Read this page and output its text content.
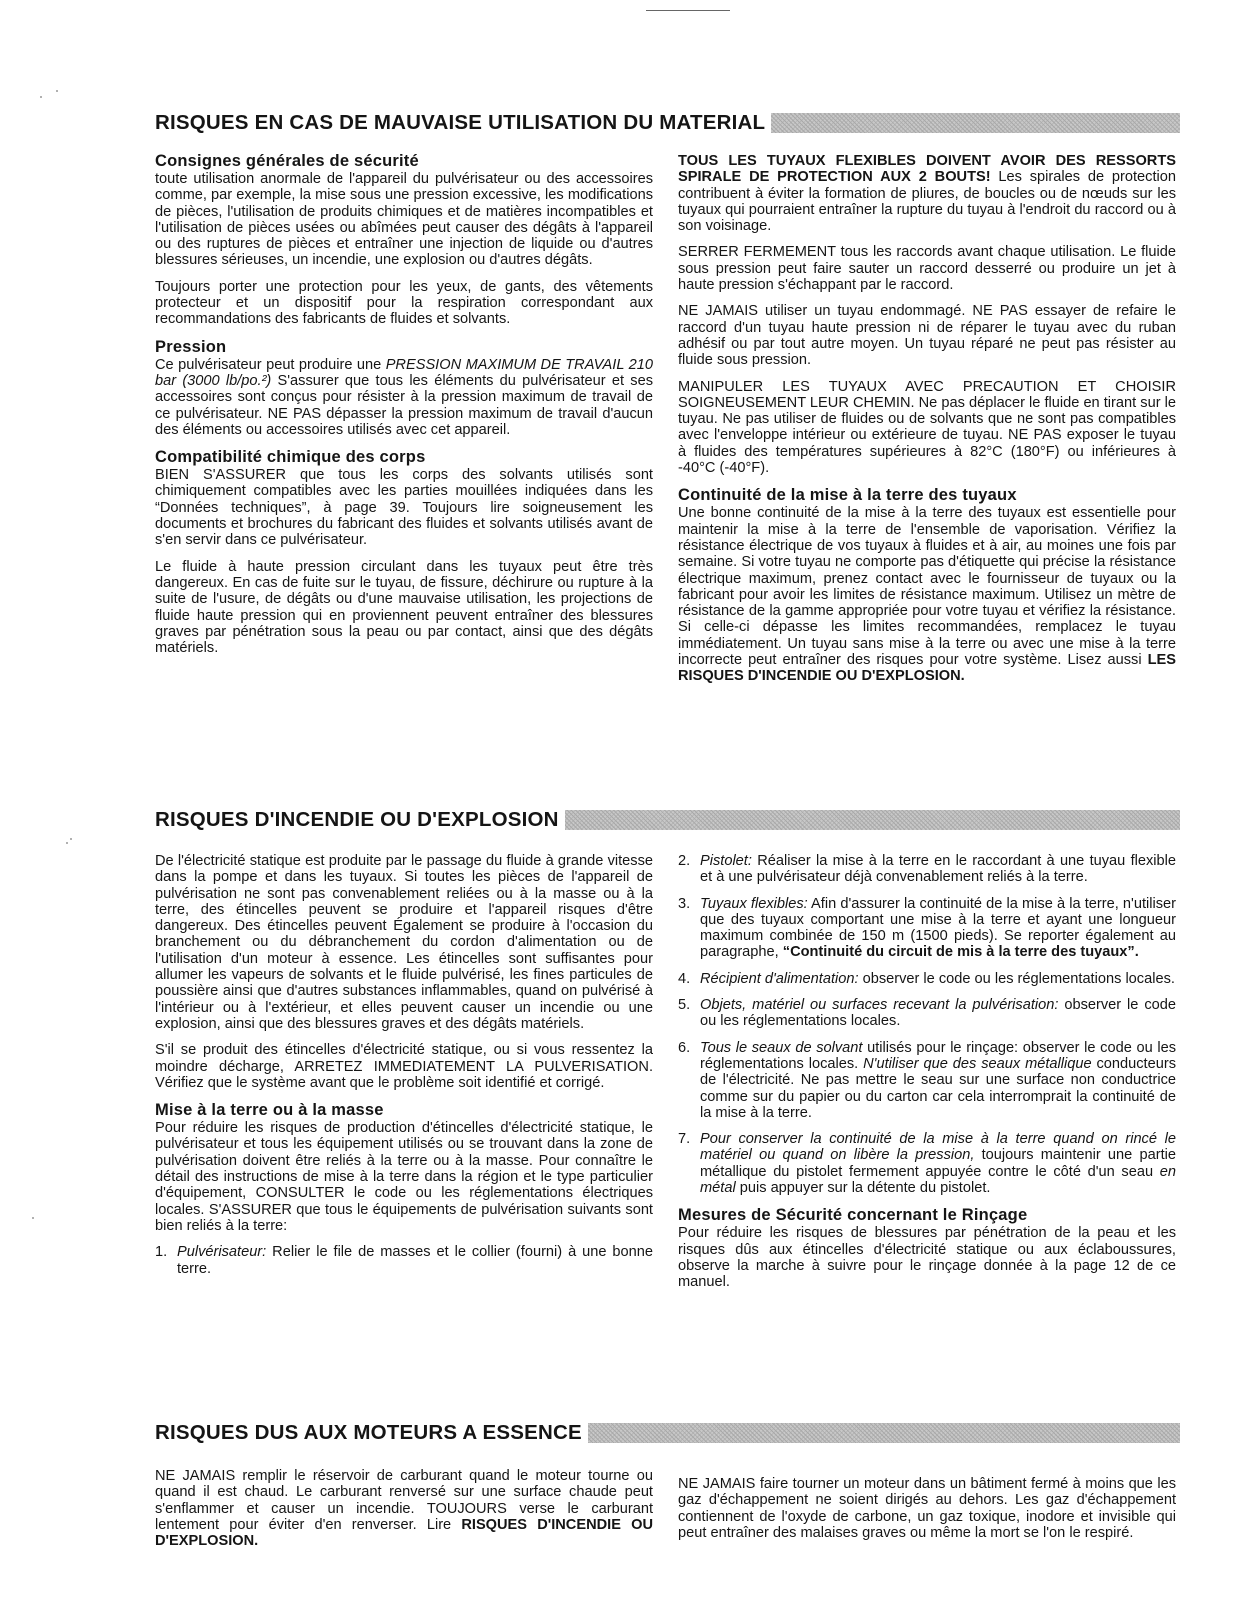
RISQUES EN CAS DE MAUVAISE UTILISATION DU MATERIAL
Consignes générales de sécurité

toute utilisation anormale de l'appareil du pulvérisateur ou des accessoires comme, par exemple, la mise sous une pression excessive, les modifications de pièces, l'utilisation de produits chimiques et de matières incompatibles et l'utilisation de pièces usées ou abîmées peut causer des dégâts à l'appareil ou des ruptures de pièces et entraîner une injection de liquide ou d'autres blessures sérieuses, un incendie, une explosion ou d'autres dégâts.

Toujours porter une protection pour les yeux, de gants, des vêtements protecteur et un dispositif pour la respiration correspondant aux recommandations des fabricants de fluides et solvants.

Pression

Ce pulvérisateur peut produire une PRESSION MAXIMUM DE TRAVAIL 210 bar (3000 lb/po.²) S'assurer que tous les éléments du pulvérisateur et ses accessoires sont conçus pour résister à la pression maximum de travail de ce pulvérisateur. NE PAS dépasser la pression maximum de travail d'aucun des éléments ou accessoires utilisés avec cet appareil.

Compatibilité chimique des corps

BIEN S'ASSURER que tous les corps des solvants utilisés sont chimiquement compatibles avec les parties mouillées indiquées dans les “Données techniques”, à page 39. Toujours lire soigneusement les documents et brochures du fabricant des fluides et solvants utilisés avant de s'en servir dans ce pulvérisateur.

Le fluide à haute pression circulant dans les tuyaux peut être très dangereux. En cas de fuite sur le tuyau, de fissure, déchirure ou rupture à la suite de l'usure, de dégâts ou d'une mauvaise utilisation, les projections de fluide haute pression qui en proviennent peuvent entraîner des blessures graves par pénétration sous la peau ou par contact, ainsi que des dégâts matériels.

TOUS LES TUYAUX FLEXIBLES DOIVENT AVOIR DES RESSORTS SPIRALE DE PROTECTION AUX 2 BOUTS! Les spirales de protection contribuent à éviter la formation de pliures, de boucles ou de nœuds sur les tuyaux qui pourraient entraîner la rupture du tuyau à l'endroit du raccord ou à son voisinage.

SERRER FERMEMENT tous les raccords avant chaque utilisation. Le fluide sous pression peut faire sauter un raccord desserré ou produire un jet à haute pression s'échappant par le raccord.

NE JAMAIS utiliser un tuyau endommagé. NE PAS essayer de refaire le raccord d'un tuyau haute pression ni de réparer le tuyau avec du ruban adhésif ou par tout autre moyen. Un tuyau réparé ne peut pas résister au fluide sous pression.

MANIPULER LES TUYAUX AVEC PRECAUTION ET CHOISIR SOIGNEUSEMENT LEUR CHEMIN. Ne pas déplacer le fluide en tirant sur le tuyau. Ne pas utiliser de fluides ou de solvants que ne sont pas compatibles avec l'enveloppe intérieur ou extérieure de tuyau. NE PAS exposer le tuyau à fluides des températures supérieures à 82°C (180°F) ou inférieures à -40°C (-40°F).

Continuité de la mise à la terre des tuyaux

Une bonne continuité de la mise à la terre des tuyaux est essentielle pour maintenir la mise à la terre de l'ensemble de vaporisation. Vérifiez la résistance électrique de vos tuyaux à fluides et à air, au moines une fois par semaine. Si votre tuyau ne comporte pas d'étiquette qui précise la résistance électrique maximum, prenez contact avec le fournisseur de tuyaux ou la fabricant pour avoir les limites de résistance maximum. Utilisez un mètre de résistance de la gamme appropriée pour votre tuyau et vérifiez la résistance. Si celle-ci dépasse les limites recommandées, remplacez le tuyau immédiatement. Un tuyau sans mise à la terre ou avec une mise à la terre incorrecte peut entraîner des risques pour votre système. Lisez aussi LES RISQUES D'INCENDIE OU D'EXPLOSION.

RISQUES D'INCENDIE OU D'EXPLOSION

De l'électricité statique est produite par le passage du fluide à grande vitesse dans la pompe et dans les tuyaux. Si toutes les pièces de l'appareil de pulvérisation ne sont pas convenablement reliées ou à la masse ou à la terre, des étincelles peuvent se produire et l'appareil risques d'être dangereux. Des étincelles peuvent Également se produire à l'occasion du branchement ou du débranchement du cordon d'alimentation ou de l'utilisation d'un moteur à essence. Les étincelles sont suffisantes pour allumer les vapeurs de solvants et le fluide pulvérisé, les fines particules de poussière ainsi que d'autres substances inflammables, quand on pulvérisé à l'intérieur ou à l'extérieur, et elles peuvent causer un incendie ou une explosion, ainsi que des blessures graves et des dégâts matériels.

S'il se produit des étincelles d'électricité statique, ou si vous ressentez la moindre décharge, ARRETEZ IMMEDIATEMENT LA PULVERISATION. Vérifiez que le système avant que le problème soit identifié et corrigé.

Mise à la terre ou à la masse

Pour réduire les risques de production d'étincelles d'électricité statique, le pulvérisateur et tous les équipement utilisés ou se trouvant dans la zone de pulvérisation doivent être reliés à la terre ou à la masse. Pour connaître le détail des instructions de mise à la terre dans la région et le type particulier d'équipement, CONSULTER le code ou les réglementations électriques locales. S'ASSURER que tous le équipements de pulvérisation suivants sont bien reliés à la terre:

1. Pulvérisateur: Relier le file de masses et le collier (fourni) à une bonne terre.
2. Pistolet: Réaliser la mise à la terre en le raccordant à une tuyau flexible et à une pulvérisateur déjà convenablement reliés à la terre.
3. Tuyaux flexibles: Afin d'assurer la continuité de la mise à la terre, n'utiliser que des tuyaux comportant une mise à la terre et ayant une longueur maximum combinée de 150 m (1500 pieds). Se reporter également au paragraphe, “Continuité du circuit de mis à la terre des tuyaux”.
4. Récipient d'alimentation: observer le code ou les réglementations locales.
5. Objets, matériel ou surfaces recevant la pulvérisation: observer le code ou les réglementations locales.
6. Tous le seaux de solvant utilisés pour le rinçage: observer le code ou les réglementations locales. N'utiliser que des seaux métallique conducteurs de l'électricité. Ne pas mettre le seau sur une surface non conductrice comme sur du papier ou du carton car cela interromprait la continuité de la mise à la terre.
7. Pour conserver la continuité de la mise à la terre quand on rincé le matériel ou quand on libère la pression, toujours maintenir une partie métallique du pistolet fermement appuyée contre le côté d'un seau en métal puis appuyer sur la détente du pistolet.
Mesures de Sécurité concernant le Rinçage

Pour réduire les risques de blessures par pénétration de la peau et les risques dûs aux étincelles d'électricité statique ou aux éclaboussures, observe la marche à suivre pour le rinçage donnée à la page 12 de ce manuel.

RISQUES DUS AUX MOTEURS A ESSENCE

NE JAMAIS remplir le réservoir de carburant quand le moteur tourne ou quand il est chaud. Le carburant renversé sur une surface chaude peut s'enflammer et causer un incendie. TOUJOURS verse le carburant lentement pour éviter d'en renverser. Lire RISQUES D'INCENDIE OU D'EXPLOSION.

NE JAMAIS faire tourner un moteur dans un bâtiment fermé à moins que les gaz d'échappement ne soient dirigés au dehors. Les gaz d'échappement contiennent de l'oxyde de carbone, un gaz toxique, inodore et invisible qui peut entraîner des malaises graves ou même la mort se l'on le respiré.
